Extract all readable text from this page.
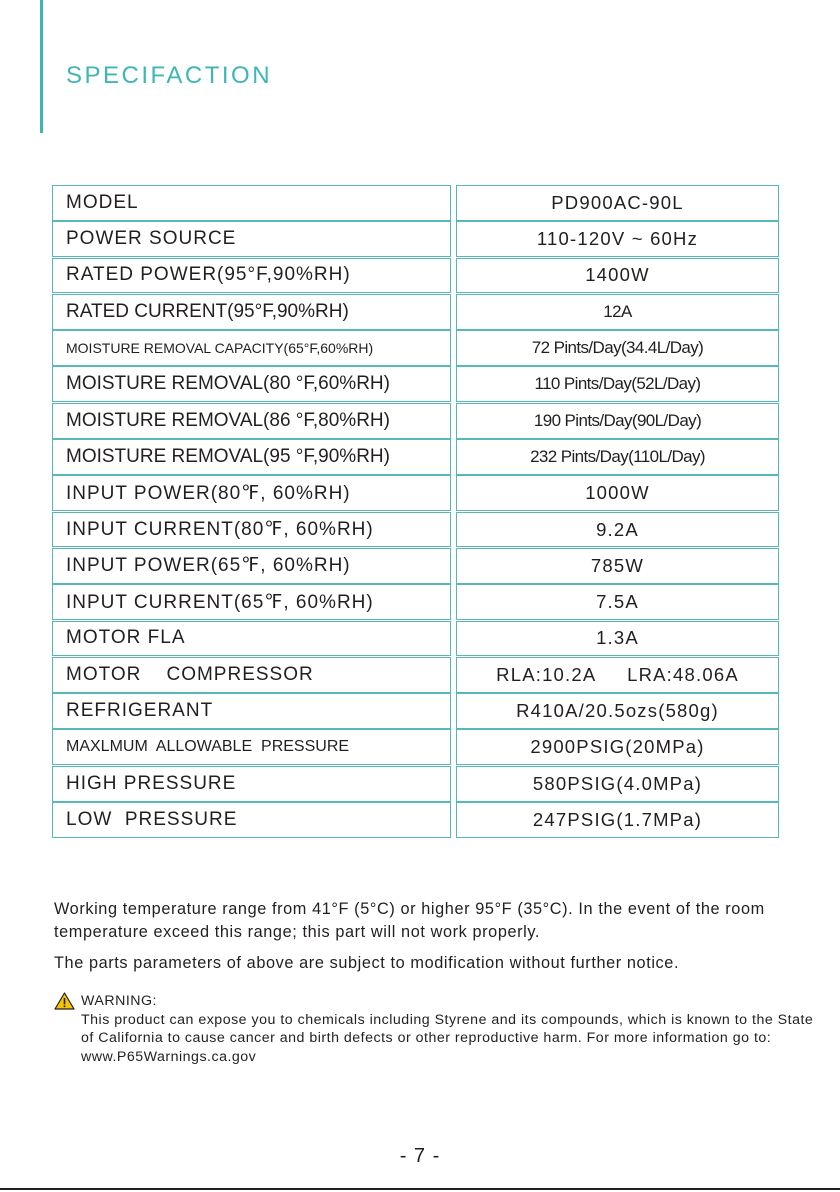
SPECIFACTION
MODEL	PD900AC-90L
POWER SOURCE	110-120V ~ 60Hz
RATED POWER(95°F,90%RH)	1400W
RATED CURRENT(95°F,90%RH)	12A
MOISTURE REMOVAL CAPACITY(65°F,60%RH)	72 Pints/Day(34.4L/Day)
MOISTURE REMOVAL(80 °F,60%RH)	110 Pints/Day(52L/Day)
MOISTURE REMOVAL(86 °F,80%RH)	190 Pints/Day(90L/Day)
MOISTURE REMOVAL(95 °F,90%RH)	232 Pints/Day(110L/Day)
INPUT POWER(80℉, 60%RH)	1000W
INPUT CURRENT(80℉, 60%RH)	9.2A
INPUT POWER(65℉, 60%RH)	785W
INPUT CURRENT(65℉, 60%RH)	7.5A
MOTOR FLA	1.3A
MOTOR    COMPRESSOR	RLA:10.2A     LRA:48.06A
REFRIGERANT	R410A/20.5ozs(580g)
MAXLMUM  ALLOWABLE  PRESSURE	2900PSIG(20MPa)
HIGH PRESSURE	580PSIG(4.0MPa)
LOW  PRESSURE	247PSIG(1.7MPa)

Working temperature range from 41°F (5°C) or higher 95°F (35°C). In the event of the room temperature exceed this range; this part will not work properly.

The parts parameters of above are subject to modification without further notice.

WARNING:
This product can expose you to chemicals including Styrene and its compounds, which is known to the State of California to cause cancer and birth defects or other reproductive harm. For more information go to: www.P65Warnings.ca.gov
- 7 -
